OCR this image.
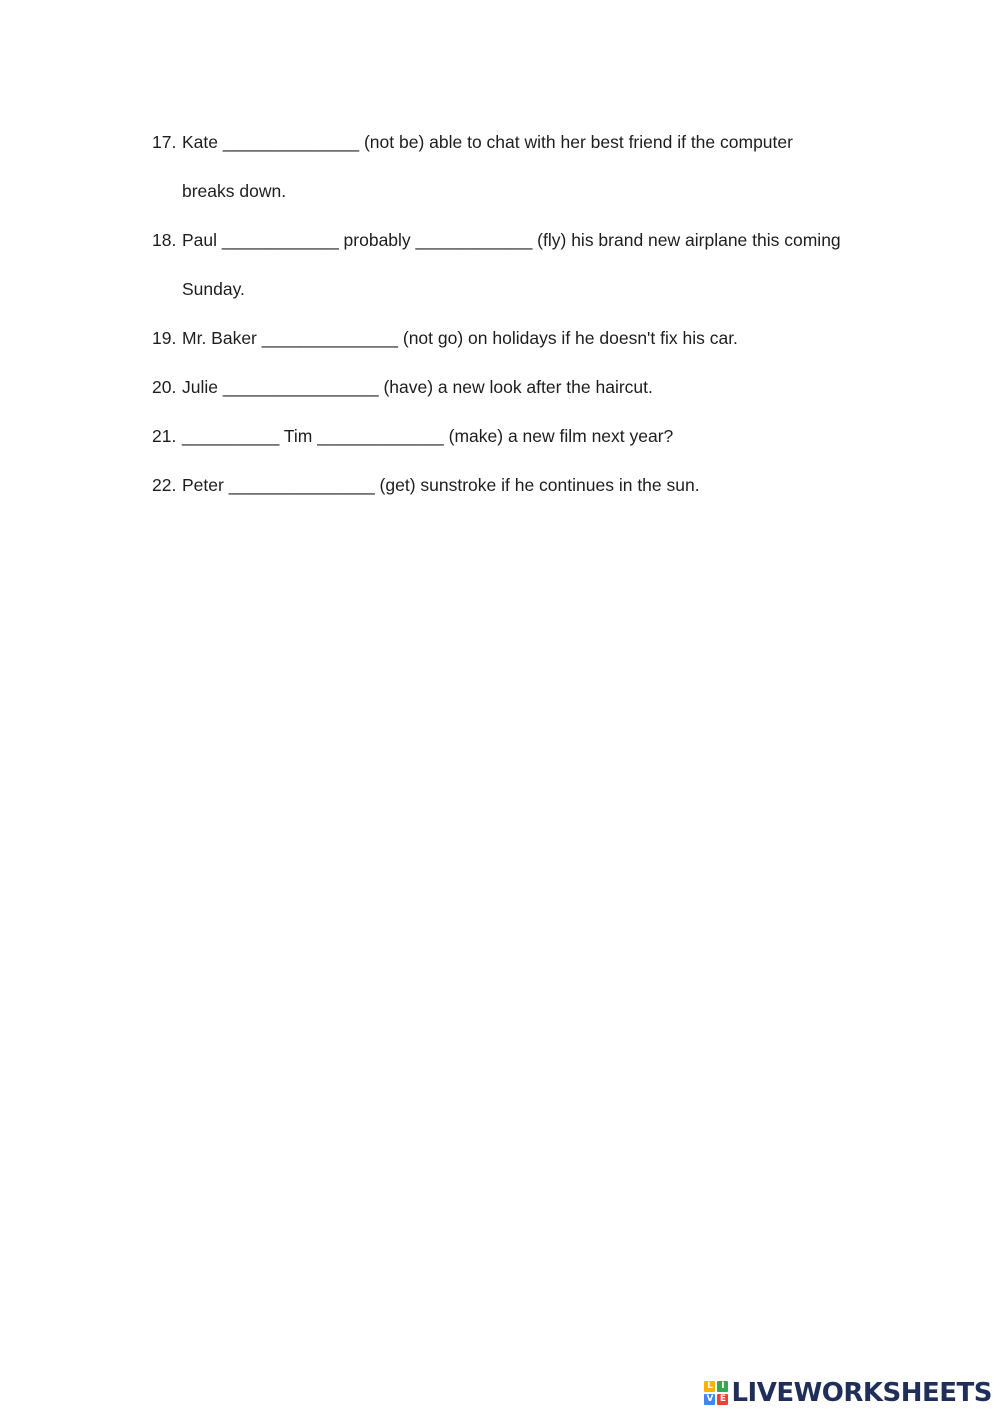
17. Kate ______________ (not be) able to chat with her best friend if the computer
breaks down.
18. Paul ____________ probably ____________ (fly) his brand new airplane this coming
Sunday.
19. Mr. Baker ______________ (not go) on holidays if he doesn't fix his car.
20. Julie ________________ (have) a new look after the haircut.
21. __________ Tim _____________ (make) a new film next year?
22. Peter _______________ (get) sunstroke if he continues in the sun.
L I
V E LIVEWORKSHEETS
